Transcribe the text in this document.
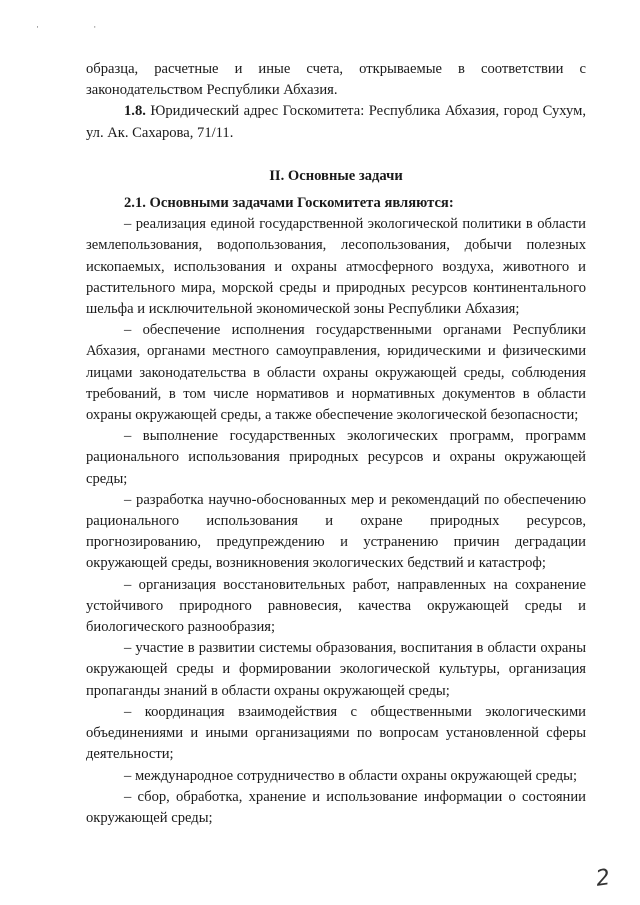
· ·

образца, расчетные и иные счета, открываемые в соответствии с законодательством Республики Абхазия.

1.8. Юридический адрес Госкомитета: Республика Абхазия, город Сухум, ул. Ак. Сахарова, 71/11.

II. Основные задачи

2.1. Основными задачами Госкомитета являются:

– реализация единой государственной экологической политики в области землепользования, водопользования, лесопользования, добычи полезных ископаемых, использования и охраны атмосферного воздуха, животного и растительного мира, морской среды и природных ресурсов континентального шельфа и исключительной экономической зоны Республики Абхазия;

– обеспечение исполнения государственными органами Республики Абхазия, органами местного самоуправления, юридическими и физическими лицами законодательства в области охраны окружающей среды, соблюдения требований, в том числе нормативов и нормативных документов в области охраны окружающей среды, а также обеспечение экологической безопасности;

– выполнение государственных экологических программ, программ рационального использования природных ресурсов и охраны окружающей среды;

– разработка научно-обоснованных мер и рекомендаций по обеспечению рационального использования и охране природных ресурсов, прогнозированию, предупреждению и устранению причин деградации окружающей среды, возникновения экологических бедствий и катастроф;

– организация восстановительных работ, направленных на сохранение устойчивого природного равновесия, качества окружающей среды и биологического разнообразия;

– участие в развитии системы образования, воспитания в области охраны окружающей среды и формировании экологической культуры, организация пропаганды знаний в области охраны окружающей среды;

– координация взаимодействия с общественными экологическими объединениями и иными организациями по вопросам установленной сферы деятельности;

– международное сотрудничество в области охраны окружающей среды;

– сбор, обработка, хранение и использование информации о состоянии окружающей среды;

2
